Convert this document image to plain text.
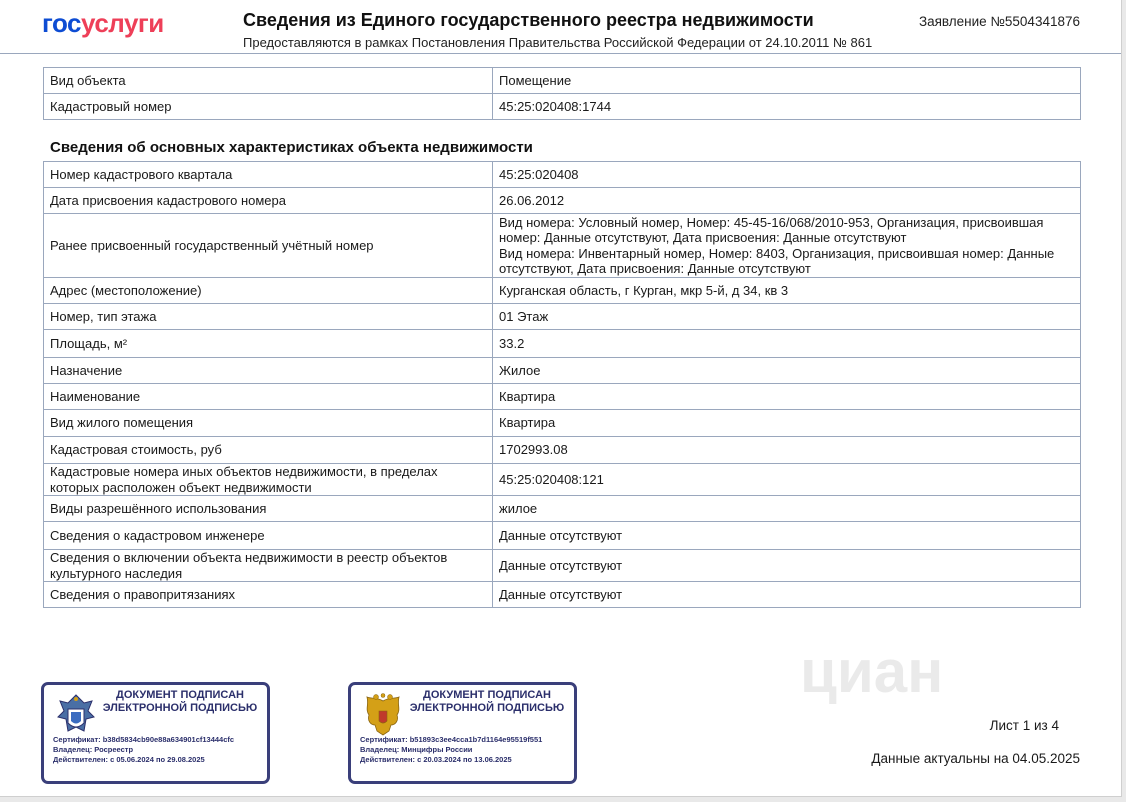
госуслуги	Сведения из Единого государственного реестра недвижимости
Предоставляются в рамках Постановления Правительства Российской Федерации от 24.10.2011 № 861
Заявление №5504341876
Вид объекта	Помещение
Кадастровый номер	45:25:020408:1744
Сведения об основных характеристиках объекта недвижимости
Номер кадастрового квартала	45:25:020408
Дата присвоения кадастрового номера	26.06.2012
Ранее присвоенный государственный учётный номер	Вид номера: Условный номер, Номер: 45-45-16/068/2010-953, Организация, присвоившая номер: Данные отсутствуют, Дата присвоения: Данные отсутствуют
Вид номера: Инвентарный номер, Номер: 8403, Организация, присвоившая номер: Данные отсутствуют, Дата присвоения: Данные отсутствуют
Адрес (местоположение)	Курганская область, г Курган, мкр 5-й, д 34, кв 3
Номер, тип этажа	01 Этаж
Площадь, м²	33.2
Назначение	Жилое
Наименование	Квартира
Вид жилого помещения	Квартира
Кадастровая стоимость, руб	1702993.08
Кадастровые номера иных объектов недвижимости, в пределах которых расположен объект недвижимости	45:25:020408:121
Виды разрешённого использования	жилое
Сведения о кадастровом инженере	Данные отсутствуют
Сведения о включении объекта недвижимости в реестр объектов культурного наследия	Данные отсутствуют
Сведения о правопритязаниях	Данные отсутствуют
циан
ДОКУМЕНТ ПОДПИСАН ЭЛЕКТРОННОЙ ПОДПИСЬЮ
Сертификат: b38d5834cb90e88a634901cf13444cfc
Владелец: Росреестр
Действителен: с 05.06.2024 по 29.08.2025
ДОКУМЕНТ ПОДПИСАН ЭЛЕКТРОННОЙ ПОДПИСЬЮ
Сертификат: b51893c3ee4cca1b7d1164e95519f551
Владелец: Минцифры России
Действителен: с 20.03.2024 по 13.06.2025
Лист 1 из 4
Данные актуальны на 04.05.2025
